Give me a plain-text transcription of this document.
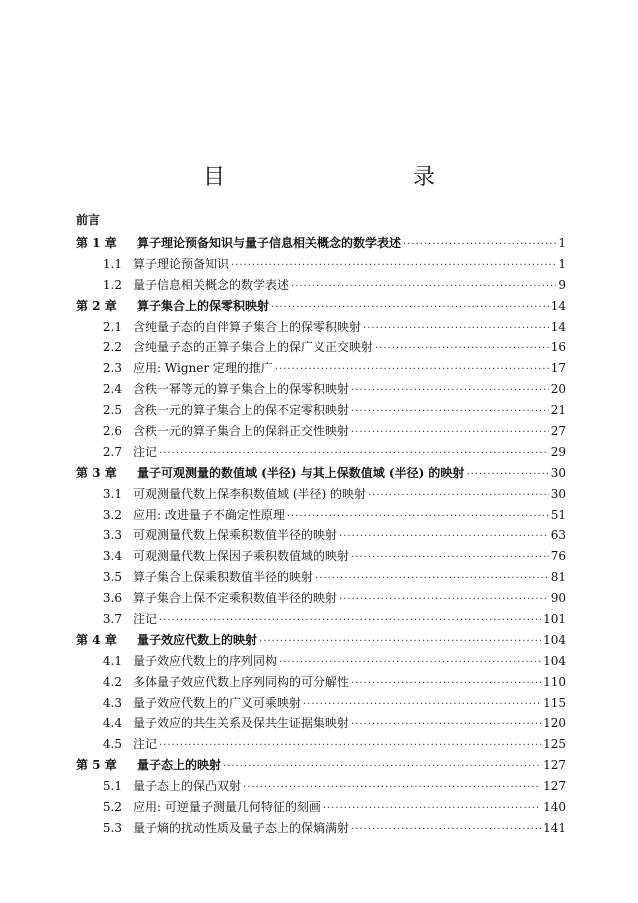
目　　录
前言
第 1 章	算子理论预备知识与量子信息相关概念的数学表述 ·····	1
1.1 算子理论预备知识 ·····	1
1.2 量子信息相关概念的数学表述 ·····	9
第 2 章	算子集合上的保零积映射 ·····	14
2.1 含纯量子态的自伴算子集合上的保零积映射 ·····	14
2.2 含纯量子态的正算子集合上的保广义正交映射 ·····	16
2.3 应用: Wigner 定理的推广 ·····	17
2.4 含秩一幂等元的算子集合上的保零积映射 ·····	20
2.5 含秩一元的算子集合上的保不定零积映射 ·····	21
2.6 含秩一元的算子集合上的保斜正交性映射 ·····	27
2.7 注记 ·····	29
第 3 章	量子可观测量的数值域 (半径) 与其上保数值域 (半径) 的映射 ·····	30
3.1 可观测量代数上保李积数值域 (半径) 的映射 ·····	30
3.2 应用: 改进量子不确定性原理 ·····	51
3.3 可观测量代数上保乘积数值半径的映射 ·····	63
3.4 可观测量代数上保因子乘积数值域的映射 ·····	76
3.5 算子集合上保乘积数值半径的映射 ·····	81
3.6 算子集合上保不定乘积数值半径的映射 ·····	90
3.7 注记 ·····	101
第 4 章	量子效应代数上的映射 ·····	104
4.1 量子效应代数上的序列同构 ·····	104
4.2 多体量子效应代数上序列同构的可分解性 ·····	110
4.3 量子效应代数上的广义可乘映射 ·····	115
4.4 量子效应的共生关系及保共生证据集映射 ·····	120
4.5 注记 ·····	125
第 5 章	量子态上的映射 ·····	127
5.1 量子态上的保凸双射 ·····	127
5.2 应用: 可逆量子测量几何特征的刻画 ·····	140
5.3 量子熵的扰动性质及量子态上的保熵满射 ·····	141
